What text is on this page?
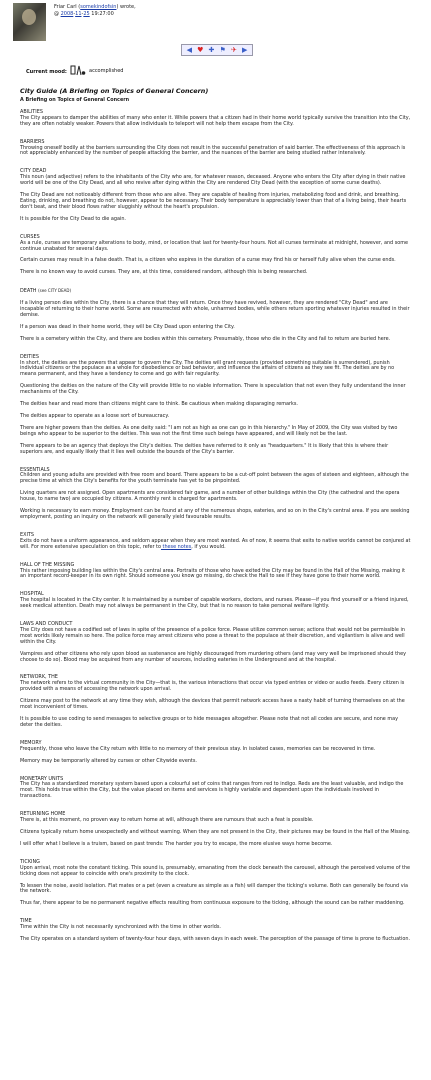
Friar Carl (somekindofsin) wrote,
@ 2008-11-25 19:27:00
◀ ♥ ✚ ⚑ ✈ ▶
Current mood:	accomplished
City Guide (A Briefing on Topics of General Concern)

A Briefing on Topics of General Concern

ABILITIES

The City appears to damper the abilities of many who enter it. While powers that a citizen had in their home world typically survive the transition into the City, they are often notably weaker. Powers that allow individuals to teleport will not help them escape from the City.

BARRIERS

Throwing oneself bodily at the barriers surrounding the City does not result in the successful penetration of said barrier. The effectiveness of this approach is not appreciably enhanced by the number of people attacking the barrier, and the nuances of the barrier are being studied rather intensively.

CITY DEAD

This noun (and adjective) refers to the inhabitants of the City who are, for whatever reason, deceased. Anyone who enters the City after dying in their native world will be one of the City Dead, and all who revive after dying within the City are rendered City Dead (with the exception of some curse deaths).

The City Dead are not noticeably different from those who are alive. They are capable of healing from injuries, metabolizing food and drink, and breathing. Eating, drinking, and breathing do not, however, appear to be necessary. Their body temperature is appreciably lower than that of a living being, their hearts don't beat, and their blood flows rather sluggishly without the heart's propulsion.

It is possible for the City Dead to die again.

CURSES

As a rule, curses are temporary alterations to body, mind, or location that last for twenty-four hours. Not all curses terminate at midnight, however, and some continue unabated for several days.

Certain curses may result in a false death. That is, a citizen who expires in the duration of a curse may find his or herself fully alive when the curse ends.

There is no known way to avoid curses. They are, at this time, considered random, although this is being researched.

DEATH (see CITY DEAD)

If a living person dies within the City, there is a chance that they will return. Once they have revived, however, they are rendered "City Dead" and are incapable of returning to their home world. Some are resurrected with whole, unharmed bodies, while others return sporting whatever injuries resulted in their demise.

If a person was dead in their home world, they will be City Dead upon entering the City.

There is a cemetery within the City, and there are bodies within this cemetery. Presumably, those who die in the City and fail to return are buried here.

DEITIES

In short, the deities are the powers that appear to govern the City. The deities will grant requests (provided something suitable is surrendered), punish individual citizens or the populace as a whole for disobedience or bad behavior, and influence the affairs of citizens as they see fit. The deities are by no means permanent, and they have a tendency to come and go with fair regularity.

Questioning the deities on the nature of the City will provide little to no viable information. There is speculation that not even they fully understand the inner mechanisms of the City.

The deities hear and read more than citizens might care to think. Be cautious when making disparaging remarks.

The deities appear to operate as a loose sort of bureaucracy.

There are higher powers than the deities. As one deity said: "I am not as high as one can go in this hierarchy." In May of 2009, the City was visited by two beings who appear to be superior to the deities. This was not the first time such beings have appeared, and will likely not be the last.

There appears to be an agency that deploys the City's deities. The deities have referred to it only as "headquarters." It is likely that this is where their superiors are, and equally likely that it lies well outside the bounds of the City's barrier.

ESSENTIALS

Children and young adults are provided with free room and board. There appears to be a cut-off point between the ages of sixteen and eighteen, although the precise time at which the City's benefits for the youth terminate has yet to be pinpointed.

Living quarters are not assigned. Open apartments are considered fair game, and a number of other buildings within the City (the cathedral and the opera house, to name two) are occupied by citizens. A monthly rent is charged for apartments.

Working is necessary to earn money. Employment can be found at any of the numerous shops, eateries, and so on in the City's central area. If you are seeking employment, posting an inquiry on the network will generally yield favourable results.

EXITS

Exits do not have a uniform appearance, and seldom appear when they are most wanted. As of now, it seems that exits to native worlds cannot be conjured at will. For more extensive speculation on this topic, refer to these notes, if you would.

HALL OF THE MISSING

This rather imposing building lies within the City's central area. Portraits of those who have exited the City may be found in the Hall of the Missing, making it an important record-keeper in its own right. Should someone you know go missing, do check the Hall to see if they have gone to their home world.

HOSPITAL

The hospital is located in the City center. It is maintained by a number of capable workers, doctors, and nurses. Please—if you find yourself or a friend injured, seek medical attention. Death may not always be permanent in the City, but that is no reason to take personal welfare lightly.

LAWS AND CONDUCT

The City does not have a codified set of laws in spite of the presence of a police force. Please utilize common sense; actions that would not be permissible in most worlds likely remain so here. The police force may arrest citizens who pose a threat to the populace at their discretion, and vigilantism is alive and well within the City.

Vampires and other citizens who rely upon blood as sustenance are highly discouraged from murdering others (and may very well be imprisoned should they choose to do so). Blood may be acquired from any number of sources, including eateries in the Underground and at the hospital.

NETWORK, THE

The network refers to the virtual community in the City—that is, the various interactions that occur via typed entries or video or audio feeds. Every citizen is provided with a means of accessing the network upon arrival.

Citizens may post to the network at any time they wish, although the devices that permit network access have a nasty habit of turning themselves on at the most inconvenient of times.

It is possible to use coding to send messages to selective groups or to hide messages altogether. Please note that not all codes are secure, and none may deter the deities.

MEMORY

Frequently, those who leave the City return with little to no memory of their previous stay. In isolated cases, memories can be recovered in time.

Memory may be temporarily altered by curses or other Citywide events.

MONETARY UNITS

The City has a standardized monetary system based upon a colourful set of coins that ranges from red to indigo. Reds are the least valuable, and indigo the most. This holds true within the City, but the value placed on items and services is highly variable and dependent upon the individuals involved in transactions.

RETURNING HOME

There is, at this moment, no proven way to return home at will, although there are rumours that such a feat is possible.

Citizens typically return home unexpectedly and without warning. When they are not present in the City, their pictures may be found in the Hall of the Missing.

I will offer what I believe is a truism, based on past trends: The harder you try to escape, the more elusive ways home become.

TICKING

Upon arrival, most note the constant ticking. This sound is, presumably, emanating from the clock beneath the carousel, although the perceived volume of the ticking does not appear to coincide with one's proximity to the clock.

To lessen the noise, avoid isolation. Flat mates or a pet (even a creature as simple as a fish) will damper the ticking's volume. Both can generally be found via the network.

Thus far, there appear to be no permanent negative effects resulting from continuous exposure to the ticking, although the sound can be rather maddening.

TIME

Time within the City is not necessarily synchronized with the time in other worlds.

The City operates on a standard system of twenty-four hour days, with seven days in each week. The perception of the passage of time is prone to fluctuation.
